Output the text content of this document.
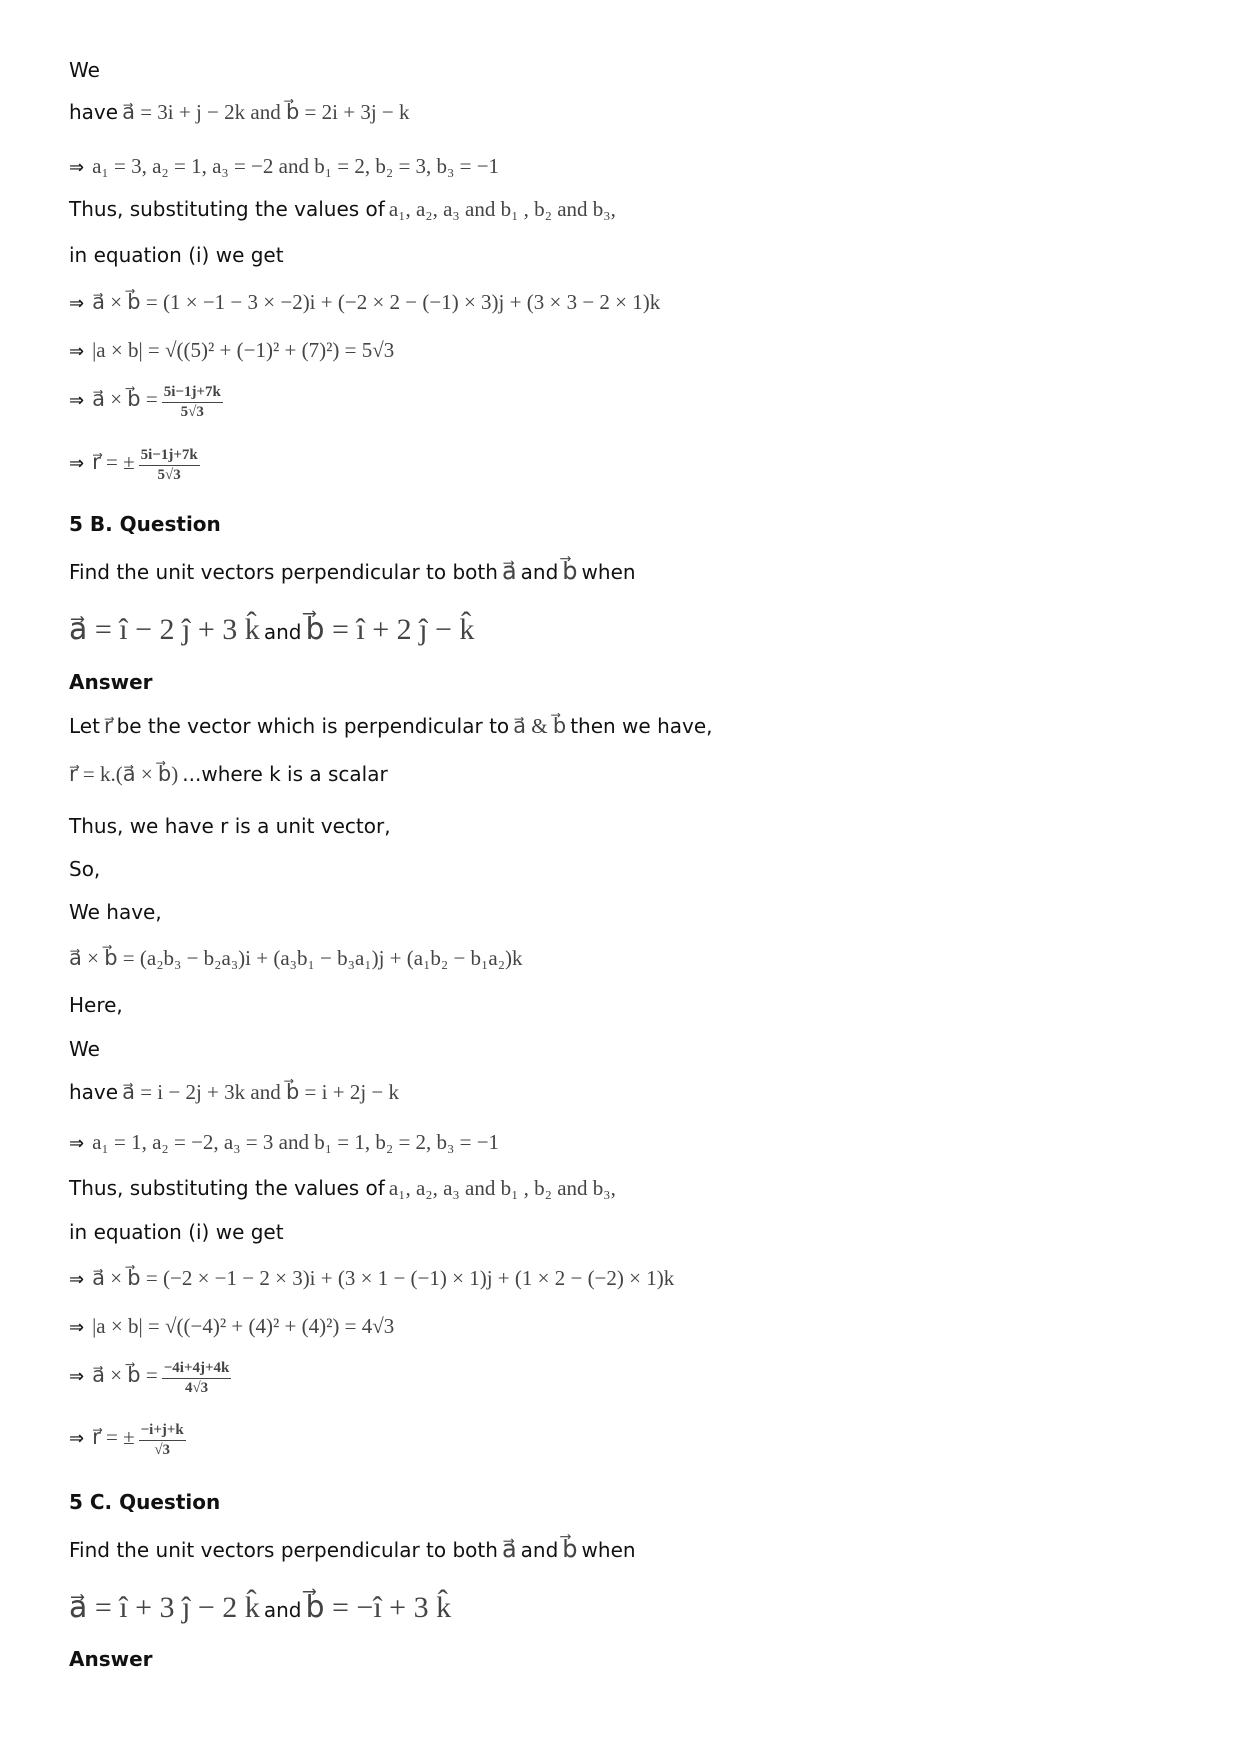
We
have a⃗ = 3i + j − 2k and b⃗ = 2i + 3j − k
⇒ a₁ = 3, a₂ = 1, a₃ = −2 and b₁ = 2, b₂ = 3, b₃ = −1
Thus, substituting the values of a₁, a₂, a₃ and b₁ , b₂ and b₃,
in equation (i) we get
⇒ a⃗ × b⃗ = (1 × −1 − 3 × −2)i + (−2 × 2 − (−1) × 3)j + (3 × 3 − 2 × 1)k
⇒ |a × b| = √((5)² + (−1)² + (7)²) = 5√3
⇒ a⃗ × b⃗ = $\frac{5i-1j+7k}{5√3}$
⇒ r⃗ = ± $\frac{5i-1j+7k}{5√3}$
5 B. Question
Find the unit vectors perpendicular to both a⃗ and b⃗ when
a⃗ = î − 2 ĵ + 3 k̂ and b⃗ = î + 2 ĵ − k̂
Answer
Let r⃗ be the vector which is perpendicular to a⃗ & b⃗ then we have,
r⃗ = k.(a⃗ × b⃗) ...where k is a scalar
Thus, we have r is a unit vector,
So,
We have,
a⃗ × b⃗ = (a₂b₃ − b₂a₃)i + (a₃b₁ − b₃a₁)j + (a₁b₂ − b₁a₂)k
Here,
We
have a⃗ = i − 2j + 3k and b⃗ = i + 2j − k
⇒ a₁ = 1, a₂ = −2, a₃ = 3 and b₁ = 1, b₂ = 2, b₃ = −1
Thus, substituting the values of a₁, a₂, a₃ and b₁ , b₂ and b₃,
in equation (i) we get
⇒ a⃗ × b⃗ = (−2 × −1 − 2 × 3)i + (3 × 1 − (−1) × 1)j + (1 × 2 − (−2) × 1)k
⇒ |a × b| = √((−4)² + (4)² + (4)²) = 4√3
⇒ a⃗ × b⃗ = $\frac{-4i+4j+4k}{4√3}$
⇒ r⃗ = ± $\frac{-i+j+k}{√3}$
5 C. Question
Find the unit vectors perpendicular to both a⃗ and b⃗ when
a⃗ = î + 3 ĵ − 2 k̂ and b⃗ = −î + 3 k̂
Answer
